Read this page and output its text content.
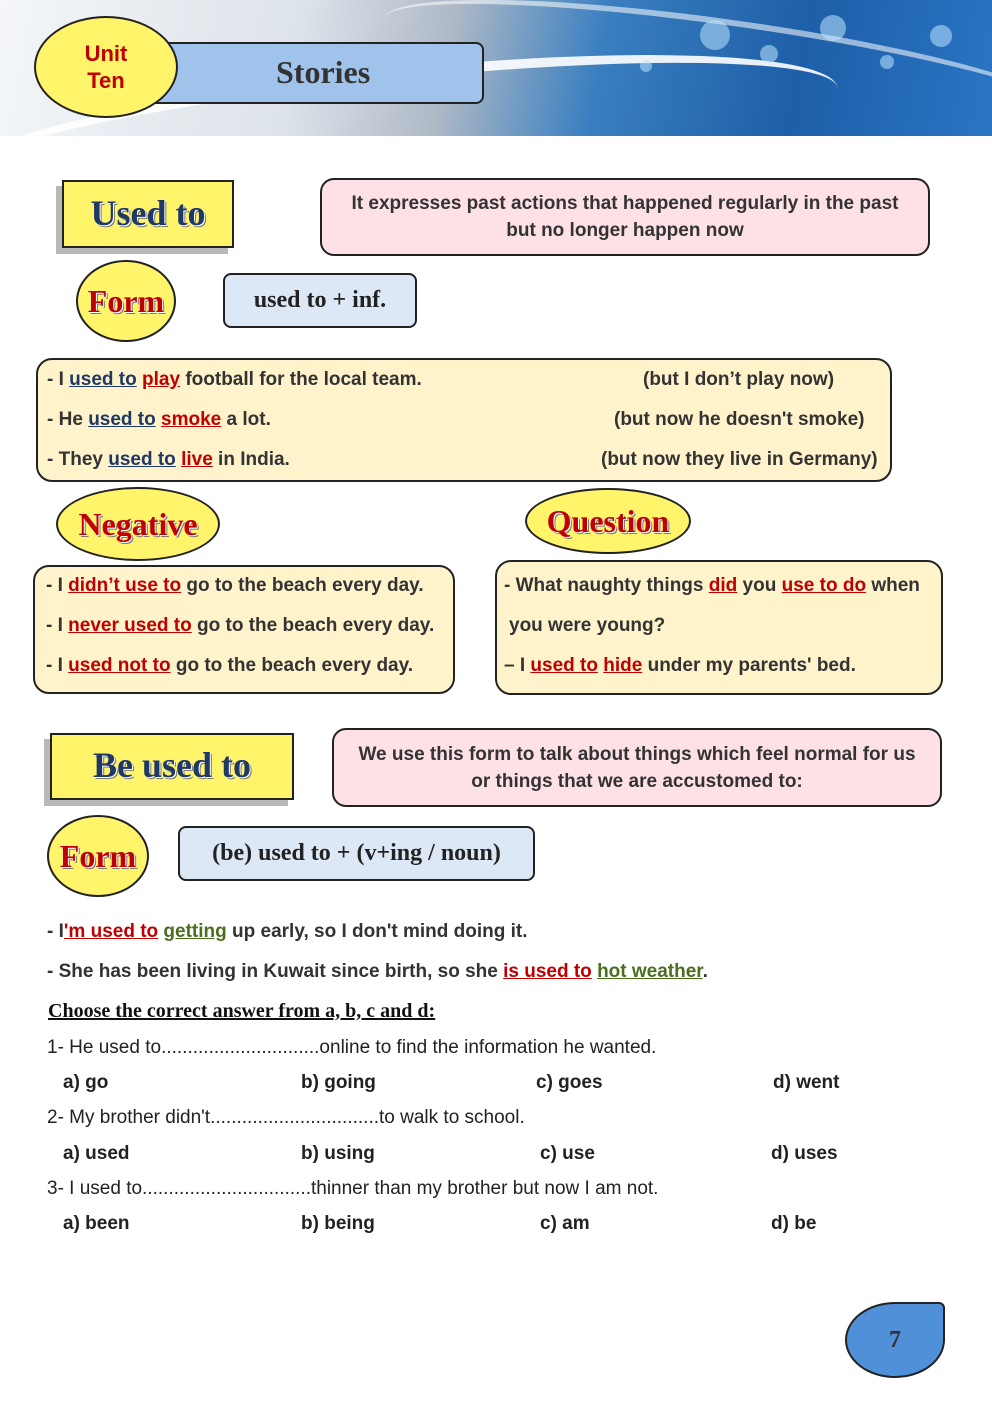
Stories
Unit
Ten
Used to	It expresses past actions that happened regularly in the past
but no longer happen now
Form	used to + inf.
- I used to play football for the local team.	(but I don’t play now)
- He used to smoke a lot.	(but now he doesn't smoke)
- They used to live in India.	(but now they live in Germany)
Negative
- I didn’t use to go to the beach every day.
- I never used to go to the beach every day.
- I used not to go to the beach every day.
Question
- What naughty things did you use to do when
you were young?
– I used to hide under my parents' bed.
Be used to	We use this form to talk about things which feel normal for us
or things that we are accustomed to:
Form	(be) used to + (v+ing / noun)
- I'm used to getting up early, so I don't mind doing it.
- She has been living in Kuwait since birth, so she is used to hot weather.
Choose the correct answer from a, b, c and d:
1- He used to..............................online to find the information he wanted.
a) go	b) going	c) goes	d) went
2- My brother didn't................................to walk to school.
a) used	b) using	c) use	d) uses
3- I used to................................thinner than my brother but now I am not.
a) been	b) being	c) am	d) be
7
